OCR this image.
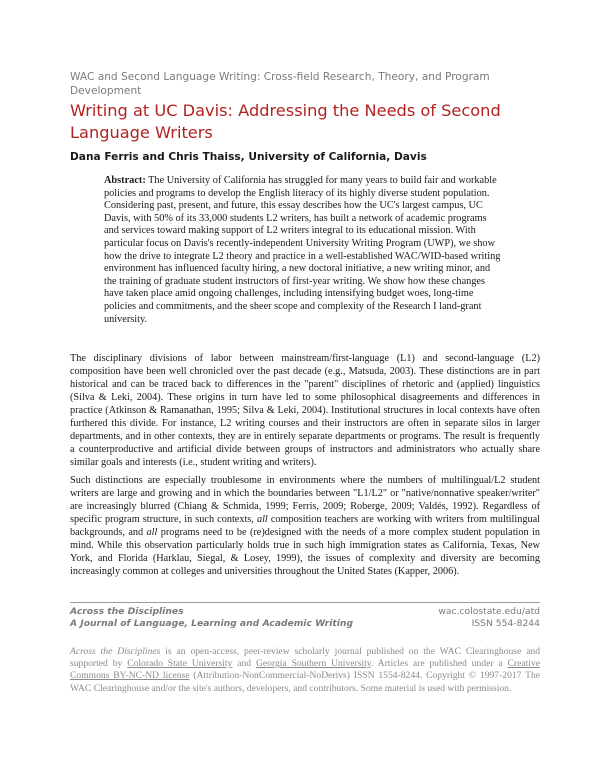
WAC and Second Language Writing: Cross-field Research, Theory, and Program Development

Writing at UC Davis: Addressing the Needs of Second Language Writers

Dana Ferris and Chris Thaiss, University of California, Davis

Abstract: The University of California has struggled for many years to build fair and workable policies and programs to develop the English literacy of its highly diverse student population. Considering past, present, and future, this essay describes how the UC's largest campus, UC Davis, with 50% of its 33,000 students L2 writers, has built a network of academic programs and services toward making support of L2 writers integral to its educational mission. With particular focus on Davis's recently-independent University Writing Program (UWP), we show how the drive to integrate L2 theory and practice in a well-established WAC/WID-based writing environment has influenced faculty hiring, a new doctoral initiative, a new writing minor, and the training of graduate student instructors of first-year writing. We show how these changes have taken place amid ongoing challenges, including intensifying budget woes, long-time policies and commitments, and the sheer scope and complexity of the Research I land-grant university.

The disciplinary divisions of labor between mainstream/first-language (L1) and second-language (L2) composition have been well chronicled over the past decade (e.g., Matsuda, 2003). These distinctions are in part historical and can be traced back to differences in the "parent" disciplines of rhetoric and (applied) linguistics (Silva & Leki, 2004). These origins in turn have led to some philosophical disagreements and differences in practice (Atkinson & Ramanathan, 1995; Silva & Leki, 2004). Institutional structures in local contexts have often furthered this divide. For instance, L2 writing courses and their instructors are often in separate silos in larger departments, and in other contexts, they are in entirely separate departments or programs. The result is frequently a counterproductive and artificial divide between groups of instructors and administrators who actually share similar goals and interests (i.e., student writing and writers).

Such distinctions are especially troublesome in environments where the numbers of multilingual/L2 student writers are large and growing and in which the boundaries between "L1/L2" or "native/nonnative speaker/writer" are increasingly blurred (Chiang & Schmida, 1999; Ferris, 2009; Roberge, 2009; Valdés, 1992). Regardless of specific program structure, in such contexts, all composition teachers are working with writers from multilingual backgrounds, and all programs need to be (re)designed with the needs of a more complex student population in mind. While this observation particularly holds true in such high immigration states as California, Texas, New York, and Florida (Harklau, Siegal, & Losey, 1999), the issues of complexity and diversity are becoming increasingly common at colleges and universities throughout the United States (Kapper, 2006).

Across the Disciplines
A Journal of Language, Learning and Academic Writing
wac.colostate.edu/atd
ISSN 554-8244

Across the Disciplines is an open-access, peer-review scholarly journal published on the WAC Clearinghouse and supported by Colorado State University and Georgia Southern University. Articles are published under a Creative Commons BY-NC-ND license (Attribution-NonCommercial-NoDerivs) ISSN 1554-8244. Copyright © 1997-2017 The WAC Clearinghouse and/or the site's authors, developers, and contributors. Some material is used with permission.
